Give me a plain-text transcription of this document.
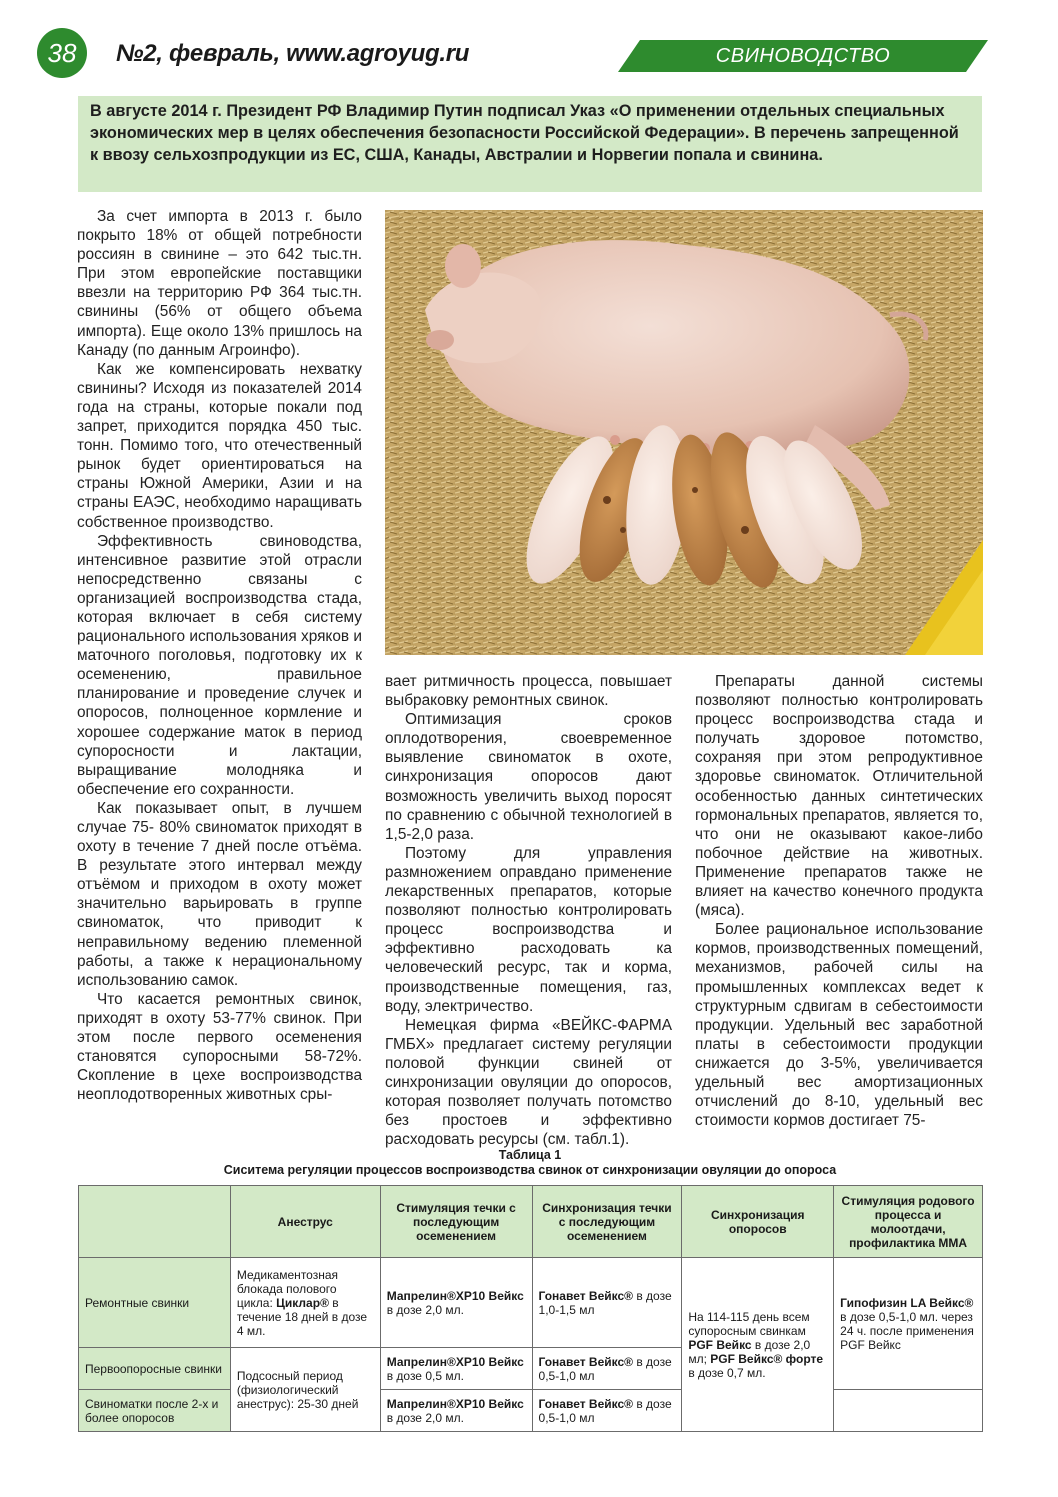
38	№2, февраль, www.agroyug.ru	СВИНОВОДСТВО

В августе 2014 г. Президент РФ Владимир Путин подписал Указ «О применении отдельных специальных экономических мер в целях обеспечения безопасности Российской Федерации». В перечень запрещенной к ввозу сельхозпродукции из ЕС, США, Канады, Австралии и Норвегии попала и свинина.

За счет импорта в 2013 г. было покрыто 18% от общей потребности россиян в свинине – это 642 тыс.тн. При этом европейские поставщики ввезли на территорию РФ 364 тыс.тн. свинины (56% от общего объема импорта). Еще около 13% пришлось на Канаду (по данным Агроинфо).

Как же компенсировать нехватку свинины? Исходя из показателей 2014 года на страны, которые покали под запрет, приходится порядка 450 тыс. тонн. Помимо того, что отечественный рынок будет ориентироваться на страны Южной Америки, Азии и на страны ЕАЭС, необходимо наращивать собственное производство.

Эффективность свиноводства, интенсивное развитие этой отрасли непосредственно связаны с организацией воспроизводства стада, которая включает в себя систему рационального использования хряков и маточного поголовья, подготовку их к осеменению, правильное планирование и проведение случек и опоросов, полноценное кормление и хорошее содержание маток в период супоросности и лактации, выращивание молодняка и обеспечение его сохранности.

Как показывает опыт, в лучшем случае 75- 80% свиноматок приходят в охоту в течение 7 дней после отъёма. В результате этого интервал между отъёмом и приходом в охоту может значительно варьировать в группе свиноматок, что приводит к неправильному ведению племенной работы, а также к нерациональному использованию самок.

Что касается ремонтных свинок, приходят в охоту 53-77% свинок. При этом после первого осеменения становятся супоросными 58-72%. Скопление в цехе воспроизводства неоплодотворенных животных сры-

вает ритмичность процесса, повышает выбраковку ремонтных свинок.

Оптимизация сроков оплодотворения, своевременное выявление свиноматок в охоте, синхронизация опоросов дают возможность увеличить выход поросят по сравнению с обычной технологией в 1,5-2,0 раза.

Поэтому для управления размножением оправдано применение лекарственных препаратов, которые позволяют полностью контролировать процесс воспроизводства и эффективно расходовать ка человеческий ресурс, так и корма, производственные помещения, газ, воду, электричество.

Немецкая фирма «ВЕЙКС-ФАРМА ГМБХ» предлагает систему регуляции половой функции свиней от синхронизации овуляции до опоросов, которая позволяет получать потомство без простоев и эффективно расходовать ресурсы (см. табл.1).

Препараты данной системы позволяют полностью контролировать процесс воспроизводства стада и получать здоровое потомство, сохраняя при этом репродуктивное здоровье свиноматок. Отличительной особенностью данных синтетических гормональных препаратов, является то, что они не оказывают какое-либо побочное действие на животных. Применение препаратов также не влияет на качество конечного продукта (мяса).

Более рациональное использование кормов, производственных помещений, механизмов, рабочей силы на промышленных комплексах ведет к структурным сдвигам в себестоимости продукции. Удельный вес заработной платы в себестоимости продукции снижается до 3-5%, увеличивается удельный вес амортизационных отчислений до 8-10, удельный вес стоимости кормов достигает 75-

Таблица 1
Сиситема регуляции процессов воспроизводства свинок от синхронизации овуляции до опороса
	Анеструс	Стимуляция течки с последующим осеменением	Синхронизация течки с последующим осеменением	Синхронизация опоросов	Стимуляция родового процесса и молоотдачи, профилактика ММА
Ремонтные свинки	Медикаментозная блокада полового цикла: Циклар® в течение 18 дней в дозе 4 мл.	Мапрелин®XP10 Вейкс в дозе 2,0 мл.	Гонавет Вейкс® в дозе 1,0-1,5 мл	На 114-115 день всем супоросным свинкам PGF Вейкс в дозе 2,0 мл; PGF Вейкс® форте в дозе 0,7 мл.	Гипофизин LA Вейкс® в дозе 0,5-1,0 мл. через 24 ч. после применения PGF Вейкс
Первоопоросные свинки	Подсосный период (физиологический анеструс): 25-30 дней	Мапрелин®XP10 Вейкс в дозе 0,5 мл.	Гонавет Вейкс® в дозе 0,5-1,0 мл		
Свиноматки после 2-х и более опоросов		Мапрелин®XP10 Вейкс в дозе 2,0 мл.	Гонавет Вейкс® в дозе 0,5-1,0 мл		
